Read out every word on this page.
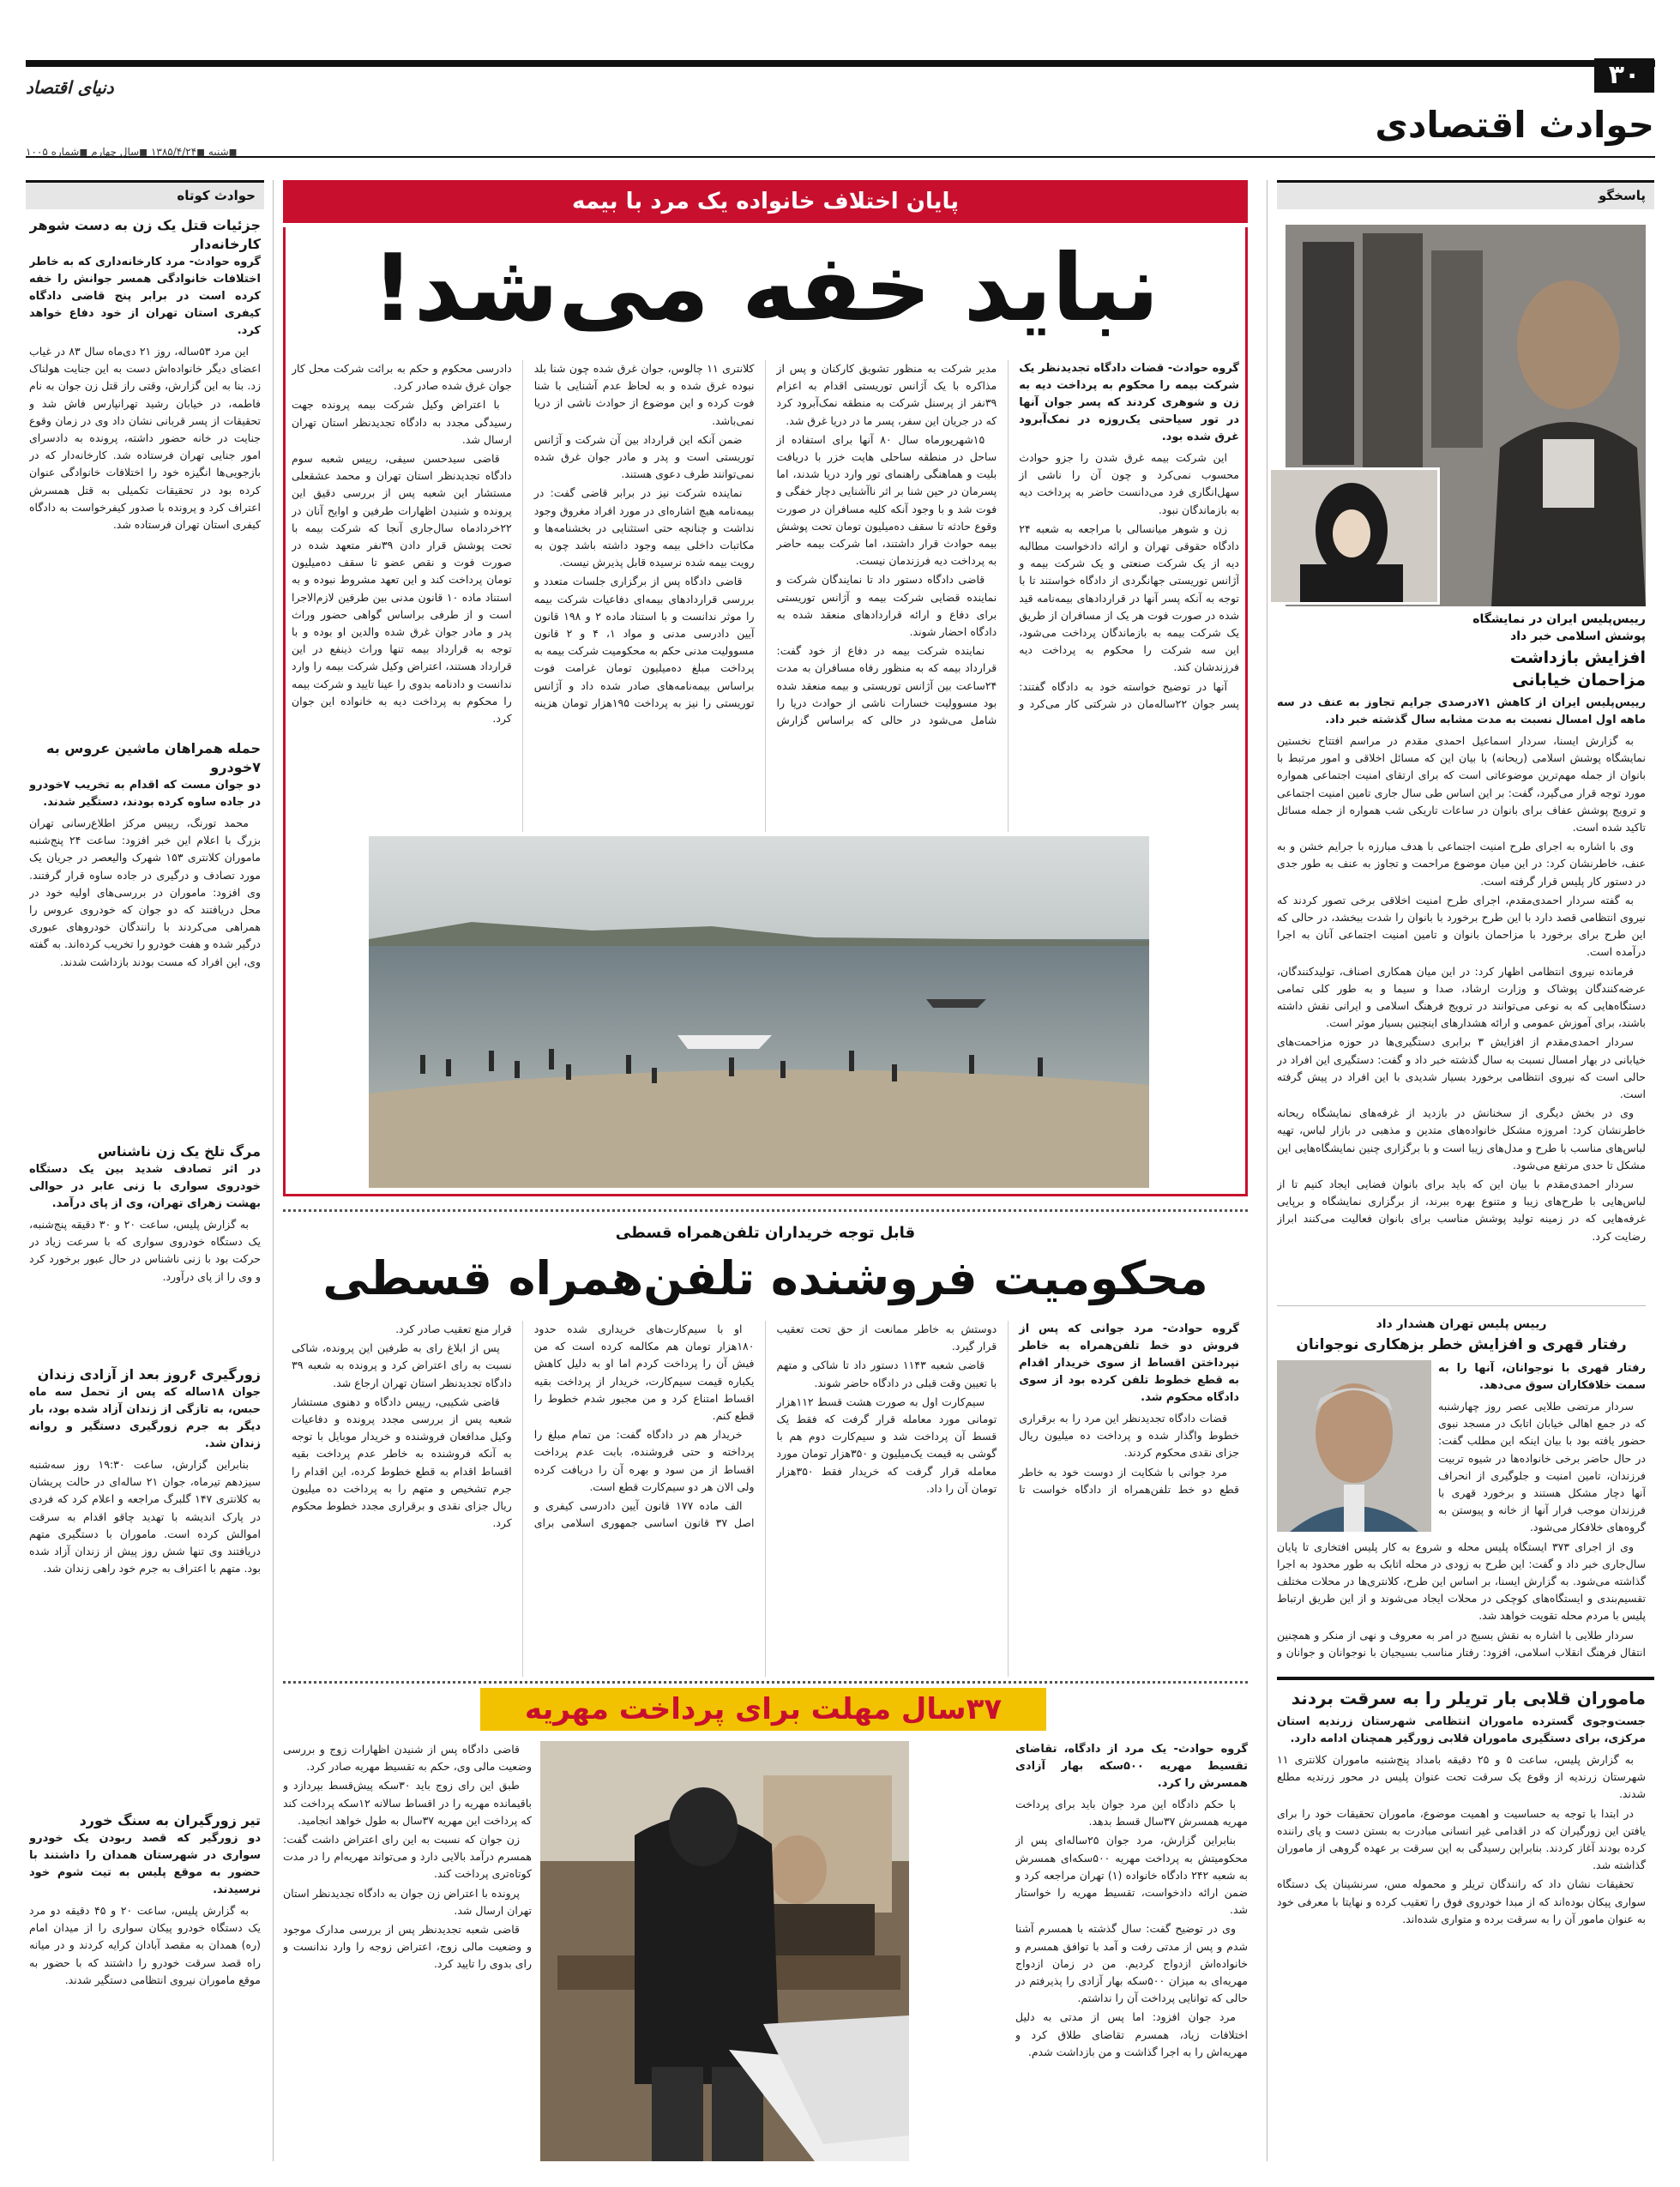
۳۰
دنیای اقتصاد
حوادث اقتصادی
◼شنبه ◼۱۳۸۵/۴/۲۴ ◼سال چهارم ◼شماره ۱۰۰۵
پاسخگو
رییس‌پلیس ایران در نمایشگاه پوشش اسلامی خبر داد
افزایش بازداشت مزاحمان خیابانی

رییس‌پلیس ایران از کاهش ۷۱درصدی جرایم تجاوز به عنف در سه ماهه اول امسال نسبت به مدت مشابه سال گذشته خبر داد.

به گزارش ایسنا، سردار اسماعیل احمدی مقدم در مراسم افتتاح نخستین نمایشگاه پوشش اسلامی (ریحانه) با بیان این که مسائل اخلاقی و امور مرتبط با بانوان از جمله مهم‌ترین موضوعاتی است که برای ارتقای امنیت اجتماعی همواره مورد توجه قرار می‌گیرد، گفت: بر این اساس طی سال جاری تامین امنیت اجتماعی و ترویج پوشش عفاف برای بانوان در ساعات تاریکی شب همواره از جمله مسائل تاکید شده است.

وی با اشاره به اجرای طرح امنیت اجتماعی با هدف مبارزه با جرایم خشن و به عنف، خاطرنشان کرد: در این میان موضوع مراحمت و تجاوز به عنف به طور جدی در دستور کار پلیس قرار گرفته است.

به گفته سردار احمدی‌مقدم، اجرای طرح امنیت اخلاقی برخی تصور کردند که نیروی انتظامی قصد دارد با این طرح برخورد با بانوان را شدت ببخشد، در حالی که این طرح برای برخورد با مزاحمان بانوان و تامین امنیت اجتماعی آنان به اجرا درآمده است.

فرمانده نیروی انتظامی اظهار کرد: در این میان همکاری اصناف، تولیدکنندگان، عرضه‌کنندگان پوشاک و وزارت ارشاد، صدا و سیما و به طور کلی تمامی دستگاه‌هایی که به نوعی می‌توانند در ترویج فرهنگ اسلامی و ایرانی نقش داشته باشند، برای آموزش عمومی و ارائه هشدارهای اینچنین بسیار موثر است.

سردار احمدی‌مقدم از افزایش ۳ برابری دستگیری‌ها در حوزه مزاحمت‌های خیابانی در بهار امسال نسبت به سال گذشته خبر داد و گفت: دستگیری این افراد در حالی است که نیروی انتظامی برخورد بسیار شدیدی با این افراد در پیش گرفته است.

وی در بخش دیگری از سخنانش در بازدید از غرفه‌های نمایشگاه ریحانه خاطرنشان کرد: امروزه مشکل خانواده‌های متدین و مذهبی در بازار لباس، تهیه لباس‌های مناسب با طرح و مدل‌های زیبا است و با برگزاری چنین نمایشگاه‌هایی این مشکل تا حدی مرتفع می‌شود.

سردار احمدی‌مقدم با بیان این که باید برای بانوان فضایی ایجاد کنیم تا از لباس‌هایی با طرح‌های زیبا و متنوع بهره ببرند، از برگزاری نمایشگاه و برپایی غرفه‌هایی که در زمینه تولید پوشش مناسب برای بانوان فعالیت می‌کنند ابراز رضایت کرد.

رییس پلیس تهران هشدار داد
رفتار قهری و افزایش خطر بزهکاری نوجوانان

رفتار قهری با نوجوانان، آنها را به سمت خلافکاران سوق می‌دهد.

سردار مرتضی طلایی عصر روز چهارشنبه که در جمع اهالی خیابان اتابک در مسجد نبوی حضور یافته بود با بیان اینکه این مطلب گفت: در حال حاضر برخی خانواده‌ها در شیوه تربیت فرزندان، تامین امنیت و جلوگیری از انحراف آنها دچار مشکل هستند و برخورد قهری با فرزندان موجب فرار آنها از خانه و پیوستن به گروه‌های خلافکار می‌شود.

وی از اجرای ۳۷۳ ایستگاه پلیس محله و شروع به کار پلیس افتخاری تا پایان سال‌جاری خبر داد و گفت: این طرح به زودی در محله اتابک به طور محدود به اجرا گذاشته می‌شود. به گزارش ایسنا، بر اساس این طرح، کلانتری‌ها در محلات مختلف تقسیم‌بندی و ایستگاه‌های کوچکی در محلات ایجاد می‌شوند و از این طریق ارتباط پلیس با مردم محله تقویت خواهد شد.

سردار طلایی با اشاره به نقش بسیج در امر به معروف و نهی از منکر و همچنین انتقال فرهنگ انقلاب اسلامی، افزود: رفتار مناسب بسیجیان با نوجوانان و جوانان و

ماموران قلابی بار تریلر را به سرقت بردند

جست‌وجوی گسترده ماموران انتظامی شهرستان زرندیه استان مرکزی، برای دستگیری ماموران قلابی زورگیر همچنان ادامه دارد.

به گزارش پلیس، ساعت ۵ و ۲۵ دقیقه بامداد پنج‌شنبه ماموران کلانتری ۱۱ شهرستان زرندیه از وقوع یک سرقت تحت عنوان پلیس در محور زرندیه مطلع شدند.

در ابتدا با توجه به حساسیت و اهمیت موضوع، ماموران تحقیقات خود را برای یافتن این زورگیران که در اقدامی غیر انسانی مبادرت به بستن دست و پای راننده کرده بودند آغاز کردند. بنابراین رسیدگی به این سرقت بر عهده گروهی از ماموران گذاشته شد.

تحقیقات نشان داد که رانندگان تریلر و محموله مس، سرنشینان یک دستگاه سواری پیکان بوده‌اند که از مبدا خودروی فوق را تعقیب کرده و نهایتا با معرفی خود به عنوان مامور آن را به سرقت برده و متواری شده‌اند.

پایان اختلاف خانواده یک مرد با بیمه
نباید خفه می‌شد!

گروه حوادث- قضات دادگاه تجدیدنظر یک شرکت بیمه را محکوم به پرداخت دیه به زن و شوهری کردند که پسر جوان آنها در تور سیاحتی یک‌روزه در نمک‌آبرود غرق شده بود.

این شرکت بیمه غرق شدن را جزو حوادث محسوب نمی‌کرد و چون آن را ناشی از سهل‌انگاری فرد می‌دانست حاضر به پرداخت دیه به بازماندگان نبود.

زن و شوهر میانسالی با مراجعه به شعبه ۲۴ دادگاه حقوقی تهران و ارائه دادخواست مطالبه دیه از یک شرکت صنعتی و یک شرکت بیمه و آژانس توریستی جهانگردی از دادگاه خواستند تا با توجه به آنکه پسر آنها در قراردادهای بیمه‌نامه قید شده در صورت فوت هر یک از مسافران از طریق یک شرکت بیمه به بازماندگان پرداخت می‌شود، این سه شرکت را محکوم به پرداخت دیه فرزندشان کند.

آنها در توضیح خواسته خود به دادگاه گفتند: پسر جوان ۲۲ساله‌مان در شرکتی کار می‌کرد و مدیر شرکت به منظور تشویق کارکنان و پس از مذاکره با یک آژانس توریستی اقدام به اعزام ۳۹نفر از پرسنل شرکت به منطقه نمک‌آبرود کرد که در جریان این سفر، پسر ما در دریا غرق شد.

۱۵شهریورماه سال ۸۰ آنها برای استفاده از ساحل در منطقه ساحلی هایت خزر با دریافت بلیت و هماهنگی راهنمای تور وارد دریا شدند، اما پسرمان در حین شنا بر اثر ناآشنایی دچار خفگی و فوت شد و با وجود آنکه کلیه مسافران در صورت وقوع حادثه تا سقف ده‌میلیون تومان تحت پوشش بیمه حوادث قرار داشتند، اما شرکت بیمه حاضر به پرداخت دیه فرزندمان نیست.

قاضی دادگاه دستور داد تا نمایندگان شرکت و نماینده قضایی شرکت بیمه و آژانس توریستی برای دفاع و ارائه قراردادهای منعقد شده به دادگاه احضار شوند.

نماینده شرکت بیمه در دفاع از خود گفت: قرارداد بیمه که به منظور رفاه مسافران به مدت ۲۴ساعت بین آژانس توریستی و بیمه منعقد شده بود مسوولیت خسارات ناشی از حوادث دریا را شامل می‌شود در حالی که براساس گزارش کلانتری ۱۱ چالوس، جوان غرق شده چون شنا بلد نبوده غرق شده و به لحاظ عدم آشنایی با شنا فوت کرده و این موضوع از حوادث ناشی از دریا نمی‌باشد.

ضمن آنکه این قرارداد بین آن شرکت و آژانس توریستی است و پدر و مادر جوان غرق شده نمی‌توانند طرف دعوی هستند.

نماینده شرکت نیز در برابر قاضی گفت: در بیمه‌نامه هیچ اشاره‌ای در مورد افراد مغروق وجود نداشت و چنانچه حتی استثنایی در بخشنامه‌ها و مکاتبات داخلی بیمه وجود داشته باشد چون به رویت بیمه شده نرسیده قابل پذیرش نیست.

قاضی دادگاه پس از برگزاری جلسات متعدد و بررسی قراردادهای بیمه‌ای دفاعیات شرکت بیمه را موثر ندانست و با استناد ماده ۲ و ۱۹۸ قانون آیین دادرسی مدنی و مواد ۱، ۴ و ۲ قانون مسوولیت مدنی حکم به محکومیت شرکت بیمه به پرداخت مبلغ ده‌میلیون تومان غرامت فوت براساس بیمه‌نامه‌های صادر شده داد و آژانس توریستی را نیز به پرداخت ۱۹۵هزار تومان هزینه دادرسی محکوم و حکم به برائت شرکت محل کار جوان غرق شده صادر کرد.

با اعتراض وکیل شرکت بیمه پرونده جهت رسیدگی مجدد به دادگاه تجدیدنظر استان تهران ارسال شد.

قاضی سیدحسن سیفی، رییس شعبه سوم دادگاه تجدیدنظر استان تهران و محمد عشقعلی مستشار این شعبه پس از بررسی دقیق این پرونده و شنیدن اظهارات طرفین و اوایح آنان در ۲۲خردادماه سال‌جاری آنجا که شرکت بیمه با تحت پوشش قرار دادن ۳۹نفر متعهد شده در صورت فوت و نقص عضو تا سقف ده‌میلیون تومان پرداخت کند و این تعهد مشروط نبوده و به استناد ماده ۱۰ قانون مدنی بین طرفین لازم‌الاجرا است و از طرفی براساس گواهی حضور وراث پدر و مادر جوان غرق شده والدین او بوده و با توجه به قرارداد بیمه تنها وراث ذینفع در این قرارداد هستند، اعتراض وکیل شرکت بیمه را وارد ندانست و دادنامه بدوی را عینا تایید و شرکت بیمه را محکوم به پرداخت دیه به خانواده این جوان کرد.

قابل توجه خریداران تلفن‌همراه قسطی
محکومیت فروشنده تلفن‌همراه قسطی

گروه حوادث- مرد جوانی که پس از فروش دو خط تلفن‌همراه به خاطر نپرداختن اقساط از سوی خریدار اقدام به قطع خطوط تلفن کرده بود از سوی دادگاه محکوم شد.

قضات دادگاه تجدیدنظر این مرد را به برقراری خطوط واگذار شده و پرداخت ده میلیون ریال جزای نقدی محکوم کردند.

مرد جوانی با شکایت از دوست خود به خاطر قطع دو خط تلفن‌همراه از دادگاه خواست تا دوستش به خاطر ممانعت از حق تحت تعقیب قرار گیرد.

قاضی شعبه ۱۱۴۳ دستور داد تا شاکی و متهم با تعیین وقت قبلی در دادگاه حاضر شوند.

سیم‌کارت اول به صورت هشت قسط ۱۱۲هزار تومانی مورد معامله قرار گرفت که فقط یک قسط آن پرداخت شد و سیم‌کارت دوم هم با گوشی به قیمت یک‌میلیون و ۳۵۰هزار تومان مورد معامله قرار گرفت که خریدار فقط ۳۵۰هزار تومان آن را داد.

او با سیم‌کارت‌های خریداری شده حدود ۱۸۰هزار تومان هم مکالمه کرده است که من فیش آن را پرداخت کردم اما او به دلیل کاهش یکباره قیمت سیم‌کارت، خریدار از پرداخت بقیه اقساط امتناع کرد و من مجبور شدم خطوط را قطع کنم.

خریدار هم در دادگاه گفت: من تمام مبلغ را پرداخته و حتی فروشنده، بابت عدم پرداخت اقساط از من سود و بهره آن را دریافت کرده ولی الان هر دو سیم‌کارت ‌قطع است.

الف ماده ۱۷۷ قانون آیین دادرسی کیفری و اصل ۳۷ قانون اساسی جمهوری اسلامی برای قرار منع تعقیب صادر کرد.

پس از ابلاغ رای به طرفین این پرونده، شاکی نسبت به رای اعتراض کرد و پرونده به شعبه ۳۹ دادگاه تجدیدنظر استان تهران ارجاع شد.

قاضی شکیبی، رییس دادگاه و دهنوی مستشار شعبه پس از بررسی مجدد پرونده و دفاعیات وکیل مدافعان فروشنده و خریدار موبایل با توجه به آنکه فروشنده به خاطر عدم پرداخت بقیه اقساط اقدام به قطع خطوط کرده، این اقدام را جرم تشخیص و متهم را به پرداخت ده میلیون ریال جزای نقدی و برقراری مجدد خطوط محکوم کرد.

۳۷سال مهلت برای پرداخت مهریه

گروه حوادث- یک مرد از دادگاه، تقاضای تقسیط مهریه ۵۰۰سکه بهار آزادی همسرش را کرد.

با حکم دادگاه این مرد جوان باید برای پرداخت مهریه همسرش ۳۷سال قسط بدهد.

بنابراین گزارش، مرد جوان ۲۵ساله‌ای پس از محکومیتش به پرداخت مهریه ۵۰۰سکه‌ای همسرش به شعبه ۲۴۲ دادگاه خانواده (۱) تهران مراجعه کرد و ضمن ارائه دادخواست، تقسیط مهریه را خواستار شد.

وی در توضیح گفت: سال گذشته با همسرم آشنا شدم و پس از مدتی رفت و آمد با توافق همسرم و خانواده‌اش ازدواج کردیم. من در زمان ازدواج مهریه‌ای به میزان ۵۰۰سکه بهار آزادی را پذیرفتم در حالی که توانایی پرداخت آن را نداشتم.

مرد جوان افزود: اما پس از مدتی به دلیل اختلافات زیاد، همسرم تقاضای طلاق کرد و مهریه‌اش را به اجرا گذاشت و من بازداشت شدم.

قاضی دادگاه پس از شنیدن اظهارات زوج و بررسی وضعیت مالی وی، حکم به تقسیط مهریه صادر کرد.

طبق این رای زوج باید ۳۰سکه پیش‌قسط بپردازد و باقیمانده مهریه را در اقساط سالانه ۱۲سکه پرداخت کند که پرداخت این مهریه ۳۷سال به طول خواهد انجامید.

زن جوان که نسبت به این رای اعتراض داشت گفت: همسرم درآمد بالایی دارد و می‌تواند مهریه‌ام را در مدت کوتاه‌تری پرداخت کند.

پرونده با اعتراض زن جوان به دادگاه تجدیدنظر استان تهران ارسال شد.

قاضی شعبه تجدیدنظر پس از بررسی مدارک موجود و وضعیت مالی زوج، اعتراض زوجه را وارد ندانست و رای بدوی را تایید کرد.

حوادث کوتاه
جزئیات قتل یک زن به دست شوهر کارخانه‌دار

گروه حوادث- مرد کارخانه‌داری که به خاطر اختلافات خانوادگی همسر جوانش را خفه کرده است در برابر پنج قاضی دادگاه کیفری استان تهران از خود دفاع خواهد کرد.

این مرد ۵۳ساله، روز ۲۱ دی‌ماه سال ۸۳ در غیاب اعضای دیگر خانواده‌اش دست به این جنایت هولناک زد. بنا به این گزارش، وقتی راز قتل زن جوان به نام فاطمه، در خیابان رشید تهرانپارس فاش شد و تحقیقات از پسر قربانی نشان داد وی در زمان وقوع جنایت در خانه حضور داشته، پرونده به دادسرای امور جنایی تهران فرستاده شد. کارخانه‌دار که در بازجویی‌ها انگیزه خود را اختلافات خانوادگی عنوان کرده بود در تحقیقات تکمیلی به قتل همسرش اعتراف کرد و پرونده با صدور کیفرخواست به دادگاه کیفری استان تهران فرستاده شد.

حمله همراهان ماشین عروس به ۷خودرو

دو جوان مست که اقدام به تخریب ۷خودرو در جاده ساوه کرده بودند، دستگیر شدند.

محمد تورنگ، رییس مرکز اطلاع‌رسانی تهران بزرگ با اعلام این خبر افزود: ساعت ۲۴ پنج‌شنبه ماموران کلانتری ۱۵۳ شهرک والیعصر در جریان یک مورد تصادف و درگیری در جاده ساوه قرار گرفتند. وی افزود: ماموران در بررسی‌های اولیه خود در محل دریافتند که دو جوان که خودروی عروس را همراهی می‌کردند با رانندگان خودروهای عبوری درگیر شده و هفت خودرو را تخریب کرده‌اند. به گفته وی، این افراد که مست بودند بازداشت شدند.

مرگ تلخ یک زن ناشناس

در اثر تصادف شدید بین یک دستگاه خودروی سواری با زنی عابر در حوالی بهشت زهرای تهران، وی از پای درآمد.

به گزارش پلیس، ساعت ۲۰ و ۳۰ دقیقه پنج‌شنبه، یک دستگاه خودروی سواری که با سرعت زیاد در حرکت بود با زنی ناشناس در حال عبور برخورد کرد و وی را از پای درآورد.

زورگیری ۶روز بعد از آزادی زندان

جوان ۱۸ساله که پس از تحمل سه ماه حبس، به تازگی از زندان آزاد شده بود، بار دیگر به جرم زورگیری دستگیر و روانه زندان شد.

بنابراین گزارش، ساعت ۱۹:۳۰ روز سه‌شنبه سیزدهم تیرماه، جوان ۲۱ ساله‌ای در حالت پریشان به کلانتری ۱۴۷ گلبرگ مراجعه و اعلام کرد که فردی در پارک اندیشه با تهدید چاقو اقدام به سرقت اموالش کرده است. ماموران با دستگیری متهم دریافتند وی تنها شش روز پیش از زندان آزاد شده بود. متهم با اعتراف به جرم خود راهی زندان شد.

تیر زورگیران به سنگ خورد

دو زورگیر که قصد ربودن یک خودرو سواری در شهرستان همدان را داشتند با حضور به موقع پلیس به تیت شوم خود نرسیدند.

به گزارش پلیس، ساعت ۲۰ و ۴۵ دقیقه دو مرد یک دستگاه خودرو پیکان سواری را از میدان امام (ره) همدان به مقصد آبادان کرایه کردند و در میانه راه قصد سرقت خودرو را داشتند که با حضور به موقع ماموران نیروی انتظامی دستگیر شدند.
